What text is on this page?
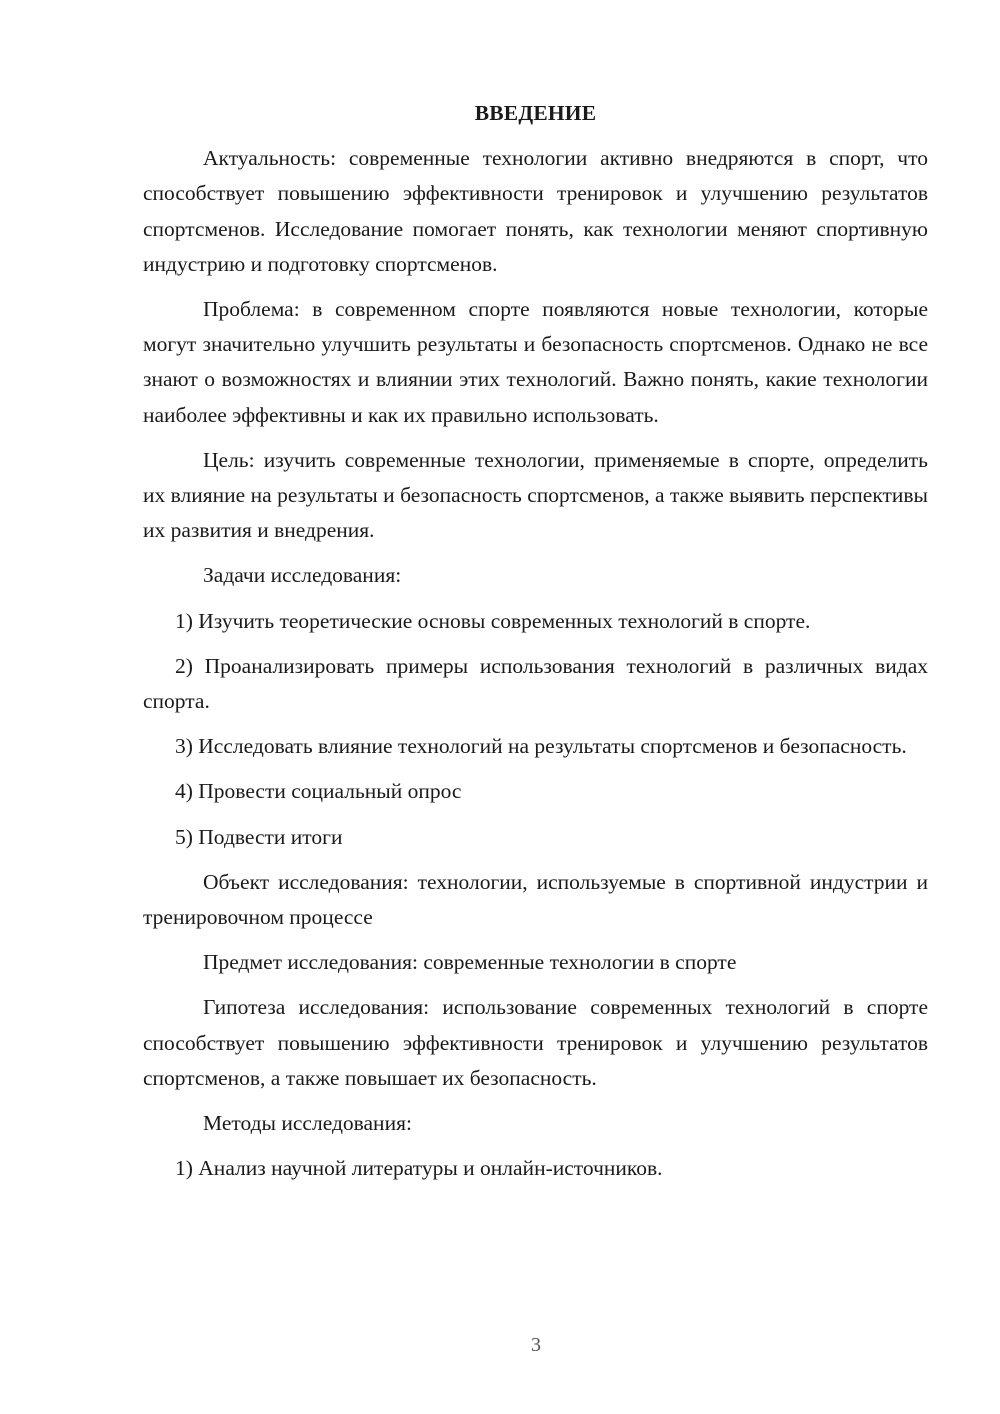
ВВЕДЕНИЕ
Актуальность: современные технологии активно внедряются в спорт, что способствует повышению эффективности тренировок и улучшению результатов спортсменов. Исследование помогает понять, как технологии меняют спортивную индустрию и подготовку спортсменов.
Проблема: в современном спорте появляются новые технологии, которые могут значительно улучшить результаты и безопасность спортсменов. Однако не все знают о возможностях и влиянии этих технологий. Важно понять, какие технологии наиболее эффективны и как их правильно использовать.
Цель: изучить современные технологии, применяемые в спорте, определить их влияние на результаты и безопасность спортсменов, а также выявить перспективы их развития и внедрения.
Задачи исследования:
1) Изучить теоретические основы современных технологий в спорте.
2) Проанализировать примеры использования технологий в различных видах спорта.
3) Исследовать влияние технологий на результаты спортсменов и безопасность.
4) Провести социальный опрос
5) Подвести итоги
Объект исследования: технологии, используемые в спортивной индустрии и тренировочном процессе
Предмет исследования: современные технологии в спорте
Гипотеза исследования: использование современных технологий в спорте способствует повышению эффективности тренировок и улучшению результатов спортсменов, а также повышает их безопасность.
Методы исследования:
1) Анализ научной литературы и онлайн-источников.
3
